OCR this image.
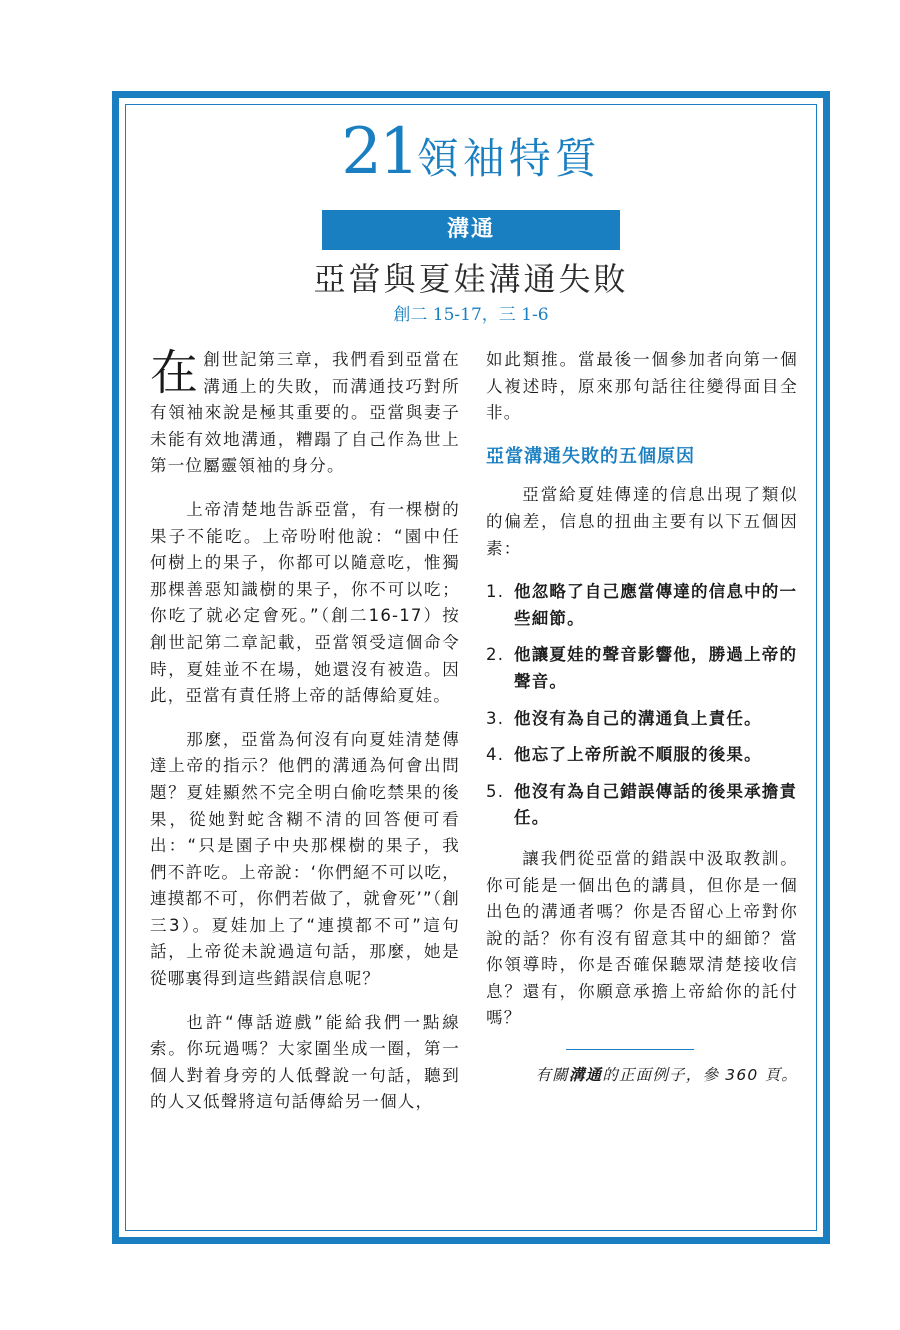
21領袖特質
溝通
亞當與夏娃溝通失敗
創二 15-17，三 1-6

在創世記第三章，我們看到亞當在溝通上的失敗，而溝通技巧對所有領袖來說是極其重要的。亞當與妻子未能有效地溝通，糟蹋了自己作為世上第一位屬靈領袖的身分。

上帝清楚地告訴亞當，有一棵樹的果子不能吃。上帝吩咐他說：“園中任何樹上的果子，你都可以隨意吃，惟獨那棵善惡知識樹的果子，你不可以吃；你吃了就必定會死。”（創二16-17）按創世記第二章記載，亞當領受這個命令時，夏娃並不在場，她還沒有被造。因此，亞當有責任將上帝的話傳給夏娃。

那麼，亞當為何沒有向夏娃清楚傳達上帝的指示？他們的溝通為何會出問題？夏娃顯然不完全明白偷吃禁果的後果，從她對蛇含糊不清的回答便可看出：“只是園子中央那棵樹的果子，我們不許吃。上帝說：‘你們絕不可以吃，連摸都不可，你們若做了，就會死’”（創三3）。夏娃加上了“連摸都不可”這句話，上帝從未說過這句話，那麼，她是從哪裏得到這些錯誤信息呢？

也許“傳話遊戲”能給我們一點線索。你玩過嗎？大家圍坐成一圈，第一個人對着身旁的人低聲說一句話，聽到的人又低聲將這句話傳給另一個人，

如此類推。當最後一個參加者向第一個人複述時，原來那句話往往變得面目全非。

亞當溝通失敗的五個原因

亞當給夏娃傳達的信息出現了類似的偏差，信息的扭曲主要有以下五個因素：

1. 他忽略了自己應當傳達的信息中的一些細節。
2. 他讓夏娃的聲音影響他，勝過上帝的聲音。
3. 他沒有為自己的溝通負上責任。
4. 他忘了上帝所說不順服的後果。
5. 他沒有為自己錯誤傳話的後果承擔責任。

讓我們從亞當的錯誤中汲取教訓。你可能是一個出色的講員，但你是一個出色的溝通者嗎？你是否留心上帝對你說的話？你有沒有留意其中的細節？當你領導時，你是否確保聽眾清楚接收信息？還有，你願意承擔上帝給你的託付嗎？

有關溝通的正面例子，參 360 頁。
